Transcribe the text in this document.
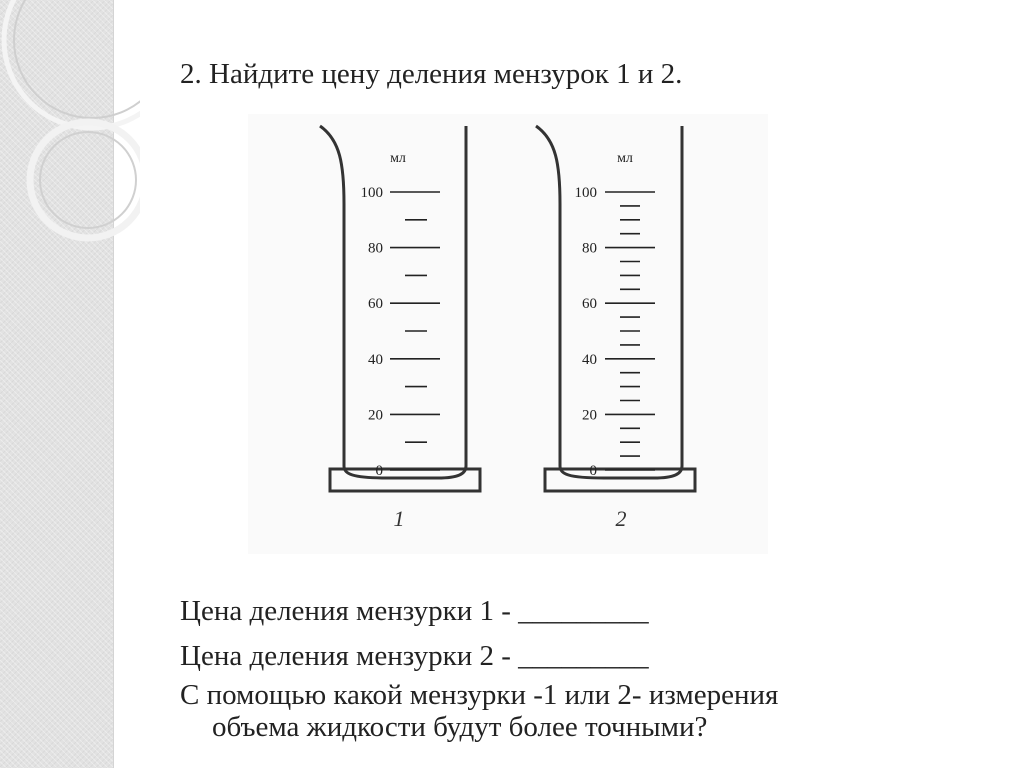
2. Найдите цену деления мензурок 1 и 2.
мл
100
80
60
40
20
0
1
мл
100
80
60
40
20
0
2
Цена деления мензурки 1 - _________
Цена деления мензурки 2 - _________
С помощью какой мензурки -1 или 2- измерения
объема жидкости будут более точными?
